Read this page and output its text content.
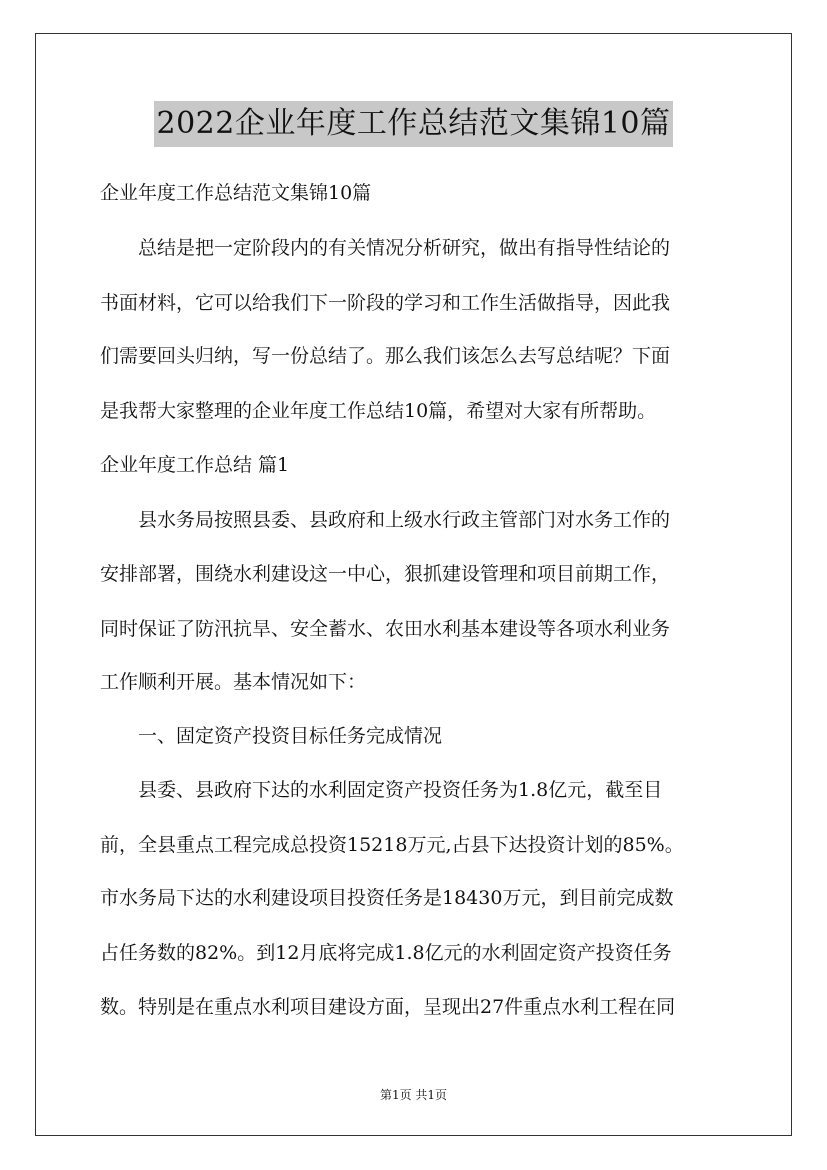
2022企业年度工作总结范文集锦10篇
企业年度工作总结范文集锦10篇
　　总结是把一定阶段内的有关情况分析研究，做出有指导性结论的
书面材料，它可以给我们下一阶段的学习和工作生活做指导，因此我
们需要回头归纳，写一份总结了。那么我们该怎么去写总结呢？下面
是我帮大家整理的企业年度工作总结10篇，希望对大家有所帮助。
企业年度工作总结 篇1
　　县水务局按照县委、县政府和上级水行政主管部门对水务工作的
安排部署，围绕水利建设这一中心，狠抓建设管理和项目前期工作，
同时保证了防汛抗旱、安全蓄水、农田水利基本建设等各项水利业务
工作顺利开展。基本情况如下：
　　一、固定资产投资目标任务完成情况
　　县委、县政府下达的水利固定资产投资任务为1.8亿元，截至目
前，全县重点工程完成总投资15218万元,占县下达投资计划的85%。
市水务局下达的水利建设项目投资任务是18430万元，到目前完成数
占任务数的82%。到12月底将完成1.8亿元的水利固定资产投资任务
数。特别是在重点水利项目建设方面，呈现出27件重点水利工程在同
第1页 共1页
